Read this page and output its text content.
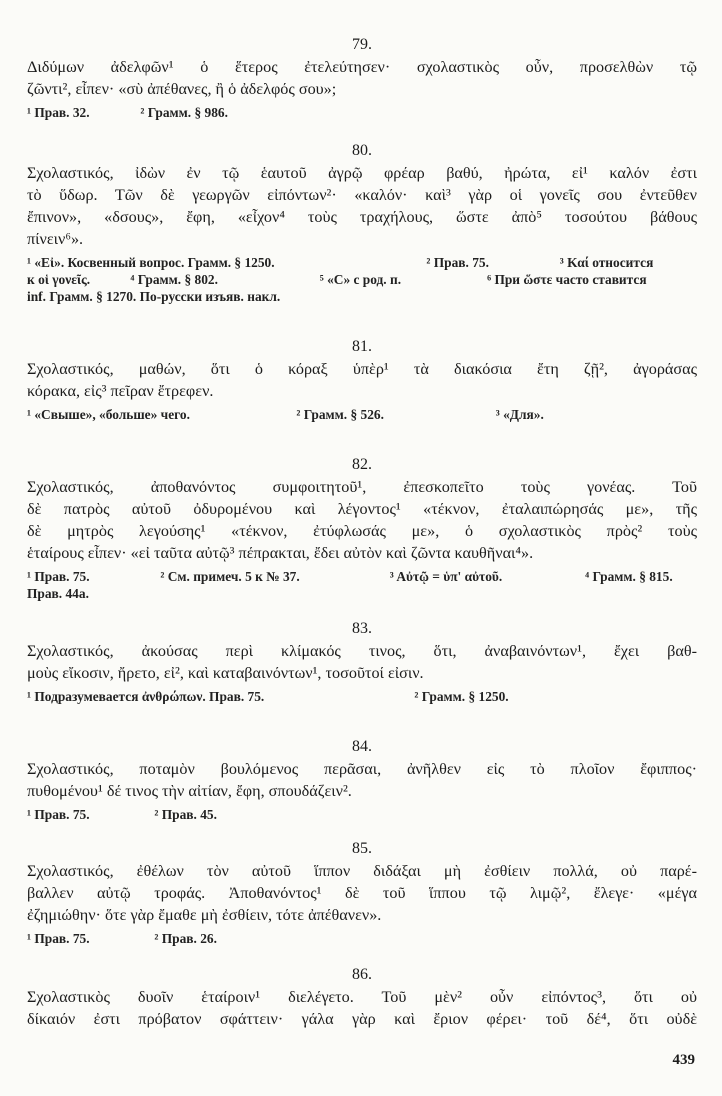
79.

Διδύμων ἀδελφῶν¹ ὁ ἕτερος ἐτελεύτησεν· σχολαστικὸς οὖν, προσελθὼν τῷ
ζῶντι², εἶπεν· «σὺ ἀπέθανες, ἢ ὁ ἀδελφός σου»;

¹ Прав. 32.	² Грамм. § 986.

80.

Σχολαστικός, ἰδὼν ἐν τῷ ἑαυτοῦ ἀγρῷ φρέαρ βαθύ, ἠρώτα, εἰ¹ καλόν ἐστι
τὸ ὕδωρ. Τῶν δὲ γεωργῶν εἰπόντων²· «καλόν· καὶ³ γὰρ οἱ γονεῖς σου ἐντεῦθεν
ἔπινον», «δσους», ἔφη, «εἶχον⁴ τοὺς τραχήλους, ὥστε ἀπὸ⁵ τοσούτου βάθους
πίνειν⁶».

¹ «Εἰ». Косвенный вопрос. Грамм. § 1250.	² Прав. 75.	³ Καί относится
к οἱ γονεῖς.	⁴ Грамм. § 802.	⁵ «С» с род. п.	⁶ При ὥστε часто ставится
inf. Грамм. § 1270. По-русски изъяв. накл.

81.

Σχολαστικός, μαθών, ὅτι ὁ κόραξ ὑπὲρ¹ τὰ διακόσια ἔτη ζῇ², ἀγοράσας
κόρακα, εἰς³ πεῖραν ἔτρεφεν.

¹ «Свыше», «больше» чего.	² Грамм. § 526.	³ «Для».

82.

Σχολαστικός, ἀποθανόντος συμφοιτητοῦ¹, ἐπεσκοπεῖτο τοὺς γονέας. Τοῦ
δὲ πατρὸς αὐτοῦ ὀδυρομένου καὶ λέγοντος¹ «τέκνον, ἐταλαιπώρησάς με», τῆς
δὲ μητρὸς λεγούσης¹ «τέκνον, ἐτύφλωσάς με», ὁ σχολαστικὸς πρὸς² τοὺς
ἑταίρους εἶπεν· «εἰ ταῦτα αὐτῷ³ πέπρακται, ἔδει αὐτὸν καὶ ζῶντα καυθῆναι⁴».

¹ Прав. 75.	² См. примеч. 5 к № 37.	³ Αὐτῷ = ὑπ' αὐτοῦ.	⁴ Грамм. § 815.
Прав. 44а.

83.

Σχολαστικός, ἀκούσας περὶ κλίμακός τινος, ὅτι, ἀναβαινόντων¹, ἔχει βαθ-
μοὺς εἴκοσιν, ἤρετο, εἰ², καὶ καταβαινόντων¹, τοσοῦτοί εἰσιν.

¹ Подразумевается ἀνθρώπων. Прав. 75.	² Грамм. § 1250.

84.

Σχολαστικός, ποταμὸν βουλόμενος περᾶσαι, ἀνῆλθεν εἰς τὸ πλοῖον ἔφιππος·
πυθομένου¹ δέ τινος τὴν αἰτίαν, ἔφη, σπουδάζειν².

¹ Прав. 75.	² Прав. 45.

85.

Σχολαστικός, ἐθέλων τὸν αὐτοῦ ἵππον διδάξαι μὴ ἐσθίειν πολλά, οὐ παρέ-
βαλλεν αὐτῷ τροφάς. Ἀποθανόντος¹ δὲ τοῦ ἵππου τῷ λιμῷ², ἔλεγε· «μέγα
ἐζημιώθην· ὅτε γὰρ ἔμαθε μὴ ἐσθίειν, τότε ἀπέθανεν».

¹ Прав. 75.	² Прав. 26.

86.

Σχολαστικὸς δυοῖν ἑταίροιν¹ διελέγετο. Τοῦ μὲν² οὖν εἰπόντος³, ὅτι οὐ
δίκαιόν ἐστι πρόβατον σφάττειν· γάλα γὰρ καὶ ἔριον φέρει· τοῦ δέ⁴, ὅτι οὐδὲ

439
